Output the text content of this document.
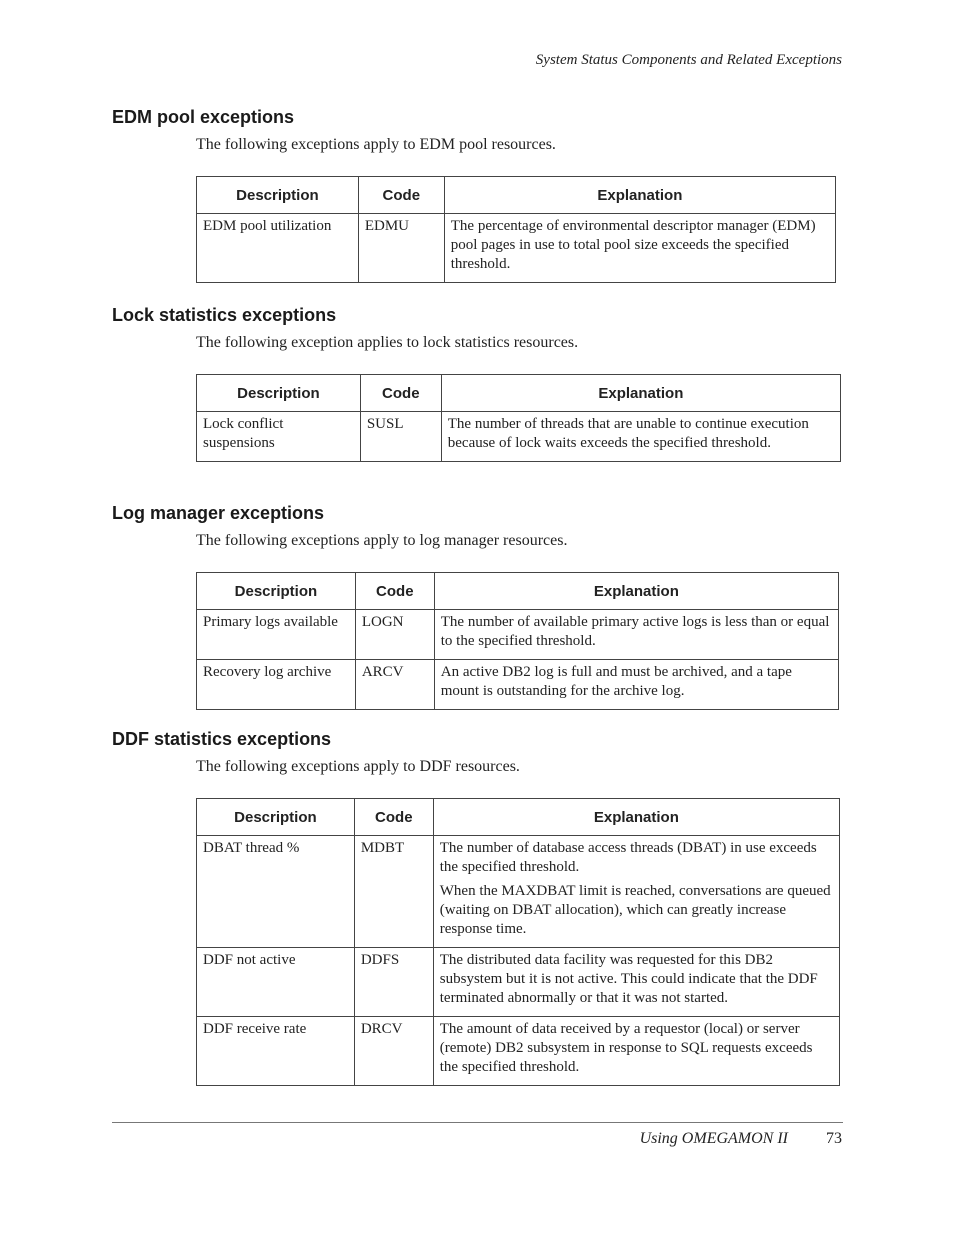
System Status Components and Related Exceptions
EDM pool exceptions

The following exceptions apply to EDM pool resources.

Description	Code	Explanation
EDM pool utilization	EDMU	The percentage of environmental descriptor manager (EDM) pool pages in use to total pool size exceeds the specified threshold.

Lock statistics exceptions

The following exception applies to lock statistics resources.

Description	Code	Explanation
Lock conflict suspensions	SUSL	The number of threads that are unable to continue execution because of lock waits exceeds the specified threshold.

Log manager exceptions

The following exceptions apply to log manager resources.

Description	Code	Explanation
Primary logs available	LOGN	The number of available primary active logs is less than or equal to the specified threshold.

Recovery log archive	ARCV	An active DB2 log is full and must be archived, and a tape mount is outstanding for the archive log.

DDF statistics exceptions

The following exceptions apply to DDF resources.

Description	Code	Explanation
DBAT thread %	MDBT	The number of database access threads (DBAT) in use exceeds the specified threshold.

When the MAXDBAT limit is reached, conversations are queued (waiting on DBAT allocation), which can greatly increase response time.

DDF not active	DDFS	The distributed data facility was requested for this DB2 subsystem but it is not active. This could indicate that the DDF terminated abnormally or that it was not started.

DDF receive rate	DRCV	The amount of data received by a requestor (local) or server (remote) DB2 subsystem in response to SQL requests exceeds the specified threshold.

Using OMEGAMON II 73
